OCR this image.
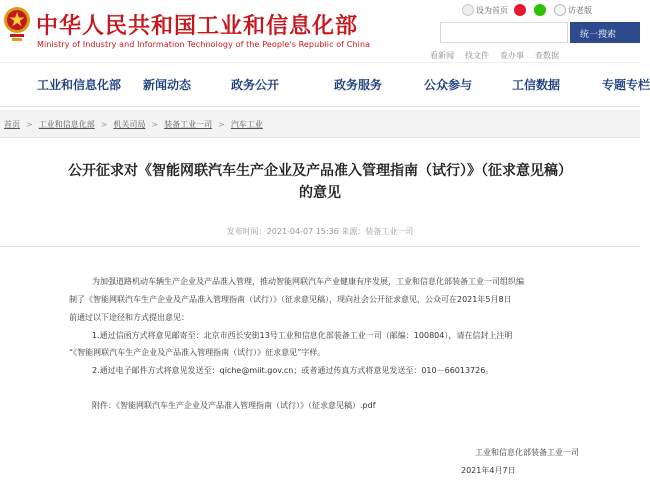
中华人民共和国工业和信息化部
Ministry of Industry and Information Technology of the People's Republic of China
设为首页	访老版
统一搜索
看新闻 找文件 查办事 查数据
工业和信息化部 新闻动态	政务公开	政务服务	公众参与	工信数据	专题专栏
首页 > 工业和信息化部 > 机关司局 > 装备工业一司 > 汽车工业
公开征求对《智能网联汽车生产企业及产品准入管理指南（试行）》（征求意见稿）
的意见
发布时间：2021-04-07 15:36 来源：装备工业一司
为加强道路机动车辆生产企业及产品准入管理，推动智能网联汽车产业健康有序发展，工业和信息化部装备工业一司组织编
制了《智能网联汽车生产企业及产品准入管理指南（试行）》（征求意见稿），现向社会公开征求意见，公众可在2021年5月8日
前通过以下途径和方式提出意见：
1.通过信函方式将意见邮寄至：北京市西长安街13号工业和信息化部装备工业一司（邮编：100804），请在信封上注明
“《智能网联汽车生产企业及产品准入管理指南（试行）》征求意见”字样。
2.通过电子邮件方式将意见发送至：qiche@miit.gov.cn；或者通过传真方式将意见发送至：010－66013726。
附件：《智能网联汽车生产企业及产品准入管理指南（试行）》（征求意见稿）.pdf
工业和信息化部装备工业一司
2021年4月7日
